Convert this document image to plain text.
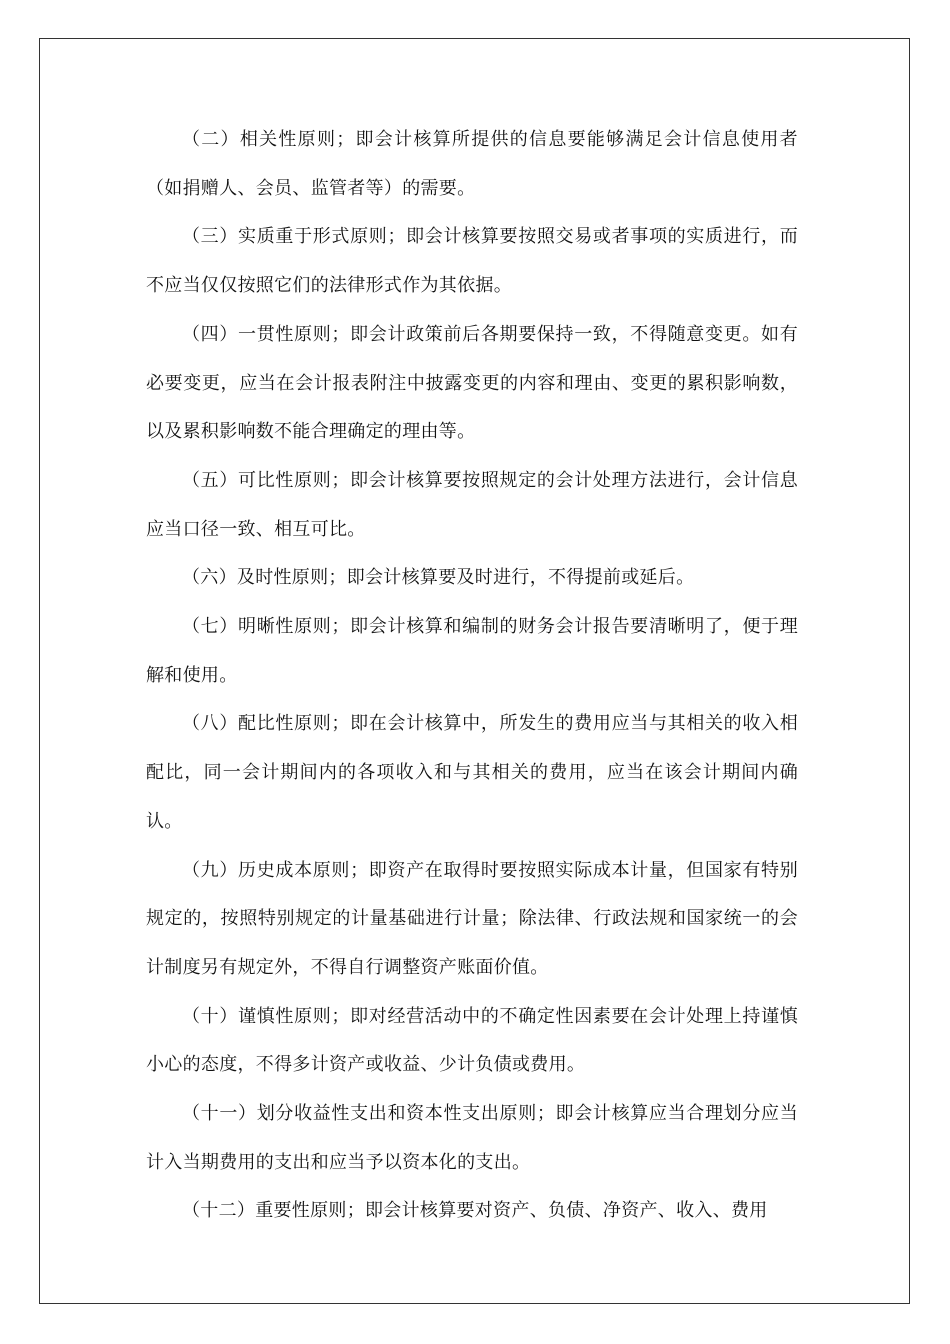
（二）相关性原则；即会计核算所提供的信息要能够满足会计信息使用者（如捐赠人、会员、监管者等）的需要。

（三）实质重于形式原则；即会计核算要按照交易或者事项的实质进行，而不应当仅仅按照它们的法律形式作为其依据。

（四）一贯性原则；即会计政策前后各期要保持一致，不得随意变更。如有必要变更，应当在会计报表附注中披露变更的内容和理由、变更的累积影响数，以及累积影响数不能合理确定的理由等。

（五）可比性原则；即会计核算要按照规定的会计处理方法进行，会计信息应当口径一致、相互可比。

（六）及时性原则；即会计核算要及时进行，不得提前或延后。

（七）明晰性原则；即会计核算和编制的财务会计报告要清晰明了，便于理解和使用。

（八）配比性原则；即在会计核算中，所发生的费用应当与其相关的收入相配比，同一会计期间内的各项收入和与其相关的费用，应当在该会计期间内确认。

（九）历史成本原则；即资产在取得时要按照实际成本计量，但国家有特别规定的，按照特别规定的计量基础进行计量；除法律、行政法规和国家统一的会计制度另有规定外，不得自行调整资产账面价值。

（十）谨慎性原则；即对经营活动中的不确定性因素要在会计处理上持谨慎小心的态度，不得多计资产或收益、少计负债或费用。

（十一）划分收益性支出和资本性支出原则；即会计核算应当合理划分应当计入当期费用的支出和应当予以资本化的支出。

（十二）重要性原则；即会计核算要对资产、负债、净资产、收入、费用
